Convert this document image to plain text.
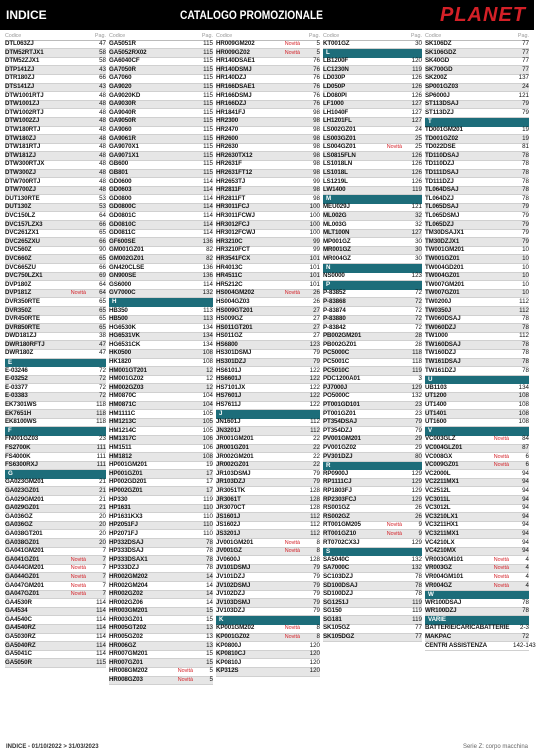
INDICE	CATALOGO PROMOZIONALE	PLANET
Codice	Pag.
DTL063ZJ	47
DTM52RTJX1	58
DTM52ZJX1	58
DTP141ZJ	43
DTR180ZJ	66
DTS141ZJ	43
DTW1001RTJ	48
DTW1001ZJ	48
DTW1002RTJ	48
DTW1002ZJ	48
DTW180RTJ	48
DTW180ZJ	48
DTW181RTJ	48
DTW181ZJ	48
DTW300RTJX	48
DTW300ZJ	48
DTW700RTJ	48
DTW700ZJ	48
DUT130RTE	53
DUT130Z	53
DVC150LZ	64
DVC157LZX3	66
DVC261ZX1	65
DVC265ZXU	66
DVC560Z	90
DVC660Z	65
DVC665ZU	66
DVC750LZX1	69
DVP180Z	64
DVP181Z	Novità	64
DVR350RTE	65
DVR350Z	65
DVR450RTE	65
DVR850RTE	65
DWD181ZJ	38
DWR180RFTJ	47
DWR180Z	47
E
E-03246	72
E-03252	72
E-03377	72
E-03383	72
EK7301WS	118
EK7651H	118
EK8100WS	118
F
FN001GZ03	23
FS2700K	111
FS4000K	111
FS6300RXJ	111
G
GA023GM201	21
GA023GZ01	21
GA029GM201	21
GA029GZ01	21
GA036GZ	20
GA036GZ	20
GA038GT201	20
GA038GZ01	20
GA041GM201	7
GA041GZ01	Novità	7
GA044GM201	Novità	7
GA044GZ01	Novità	7
GA047GM201	Novità	7
GA047GZ01	Novità	7
GA4530R	114
GA4534	114
GA4540C	114
GA4540RZ	114
GA5030RZ	114
GA5040RZ	114
GA5041C	114
GA5050R	115
Codice	Pag.
GA5051R	115
GA5052RX02	115
GA6040CF	115
GA7050R	115
GA7060	115
GA9020	115
GA9020KD	115
GA9030R	115
GA9040R	115
GA9050R	115
GA9060	115
GA9061R	115
GA9070X1	115
GA9071X1	115
GB600	115
GB801	115
GD0600	114
GD0603	114
GD0800	114
GD0800C	114
GD0801C	114
GD0810C	114
GD0811C	114
GF600SE	136
GM001GZ01	82
GM002GZ01	82
GN420CLSE	136
GN900SE	136
GS6000	114
GV7000C	132
H
HB350	113
HB500	113
HG6530K	134
HG6531VK	134
HG6531CK	134
HK0500	108
HK1820	108
HM001GT201	12
HM001GZ02	12
HM002GZ03	12
HM0870C	104
HM0871C	104
HM1111C	105
HM1213C	105
HM1214C	105
HM1317C	106
HM1511	106
HM1812	108
HP001GM201	19
HP001GZ01	17
HP002GD201	17
HP002GZ01	17
HP330	119
HP1631	110
HP1631KX3	110
HP2051FJ	110
HP2071FJ	110
HP332DSAJ	78
HP333DSAJ	78
HP333DSAX1	78
HP333DZJ	78
HR002GM202	14
HR002GM204	14
HR002GZ02	14
HR002GZ06	14
HR003GM201	15
HR003GZ01	15
HR005GT202	13
HR005GZ02	13
HR006GZ	13
HR007GM201	15
HR007GZ01	15
HR008GM202	Novità	5
HR008GZ03	Novità	5
Codice	Pag.
HR009GM202	Novità	5
HR009GZ02	Novità	5
HR140DSAE1	76
HR140DSMJ	76
HR140DZJ	76
HR166DSAE1	76
HR166DSMJ	76
HR166DZJ	76
HR1841FJ	98
HR2300	98
HR2470	98
HR2600	98
HR2630	98
HR2630TX12	98
HR2631F	98
HR2631FT12	98
HR2653TJ	99
HR2811F	98
HR2811FT	98
HR3011FCJ	100
HR3011FCWJ	100
HR3012FCJ	100
HR3012FCWJ	100
HR3210C	99
HR3210FCT	99
HR3541FCX	101
HR4013C	101
HR4511C	101
HR5212C	101
HS004GM202	Novità	26
HS004GZ03	26
HS009GT201	27
HS009GZ	27
HS011GT201	27
HS011GZ	27
HS6800	123
HS301DSMJ	79
HS301DZJ	79
HS6101J	122
HS6601J	122
HS7101JX	122
HS7601J	122
HS7611J	122
J
JN1601J	112
JN3201J	112
JR001GM201	22
JR001GZ01	22
JR002GM201	22
JR002GZ01	22
JR103DSMJ	79
JR103DZJ	79
JR3051TK	128
JR3061T	128
JR3070CT	128
JS1601J	112
JS1602J	112
JS3201J	112
JV001GM201	Novità	8
JV001GZ	Novità	8
JV0600J	128
JV101DSMJ	79
JV101DZJ	79
JV102DSMJ	79
JV102DZJ	79
JV103DSMJ	79
JV103DZJ	79
K
KP001GM202	Novità	8
KP001GZ02	Novità	8
KP0800J	120
KP0810CJ	120
KP0810J	120
KP312S	120
Codice	Pag.
KT001GZ	30
L
LB1200F	120
LC1230N	119
LD030P	126
LD050P	126
LD080PI	126
LF1000	127
LH1040F	127
LH1201FL	127
LS002GZ01	24
LS003GZ01	25
LS004GZ01	Novità	25
LS0815FLN	126
LS1018LN	126
LS1018L	126
LS1219L	126
LW1400	119
M
MEU029J	121
ML002G	32
ML003G	32
MLT100N	127
MP001GZ	30
MR001GZ	30
MR004GZ	30
N
NS0000	123
P
P-83852	72
P-83868	72
P-83874	72
P-83880	72
P-83842	72
PB002GM201	28
PB002GZ01	28
PC5000C	118
PC5001C	118
PC5010C	119
PDC1200A01	3
PJ7000J	129
PO5000C	132
PT001GD101	23
PT001GZ01	23
PT354DSAJ	79
PT354DZJ	79
PV001GM201	29
PV001GZ02	29
PV301DZJ	80
R
RP0900J	129
RP1111CJ	129
RP1803FJ	129
RP2303FCJ	129
RS001GZ	26
RS002GZ	26
RT001GM205	Novità	9
RT001GZ10	Novità	9
RT0702CX3J	129
S
SA5040C	132
SA7000C	132
SC103DZJ	78
SD100DSAJ	78
SD100DZJ	78
SG1251J	119
SG150	119
SG181	119
SK105GZ	77
SK105DGZ	77
Codice	Pag.
SK106DZ	77
SK106GDZ	77
SK40GD	77
SK700GD	77
SK200Z	137
SP001GZ03	24
SP6000J	121
ST113DSAJ	79
ST113DZJ	79
T
TD001GM201	19
TD001GZ02	19
TD022DSE	81
TD110DSAJ	78
TD110DZJ	78
TD111DSAJ	78
TD111DZJ	78
TL064DSAJ	78
TL064DZJ	78
TL065DSAJ	79
TL065DSMJ	79
TL065DZJ	79
TM30DSAJX1	79
TM30DZJX1	79
TW001GM201	10
TW001GZ01	10
TW004GD201	10
TW004GZ01	10
TW007GM201	10
TW007GZ01	10
TW0200J	112
TW0350J	112
TW060DSAJ	78
TW060DZJ	78
TW1000	112
TW160DSAJ	78
TW160DZJ	78
TW161DSAJ	78
TW161DZJ	78
U
UB1103	134
UT1200	108
UT1400	108
UT1401	108
UT1600	108
V
VC003GLZ	Novità	84
VC004GLZ01	87
VC008GX	Novità	6
VC009GZ01	Novità	6
VC2000L	94
VC2211MX1	94
VC2512L	94
VC3011L	94
VC3012L	94
VC3210LX1	94
VC3211HX1	94
VC3211MX1	94
VC4210LX	94
VC4210MX	94
VR003GM101	Novità	4
VR003GZ	Novità	4
VR004GM101	Novità	4
VR004GZ	Novità	4
W
WR100DSAJ	78
WR100DZJ	78
VARIE
BATTERIE/CARICABATTERIE	2-3
MAKPAC	72
CENTRI ASSISTENZA	142-143
INDICE - 01/10/2022 > 31/03/2023	Serie Z: corpo macchina
